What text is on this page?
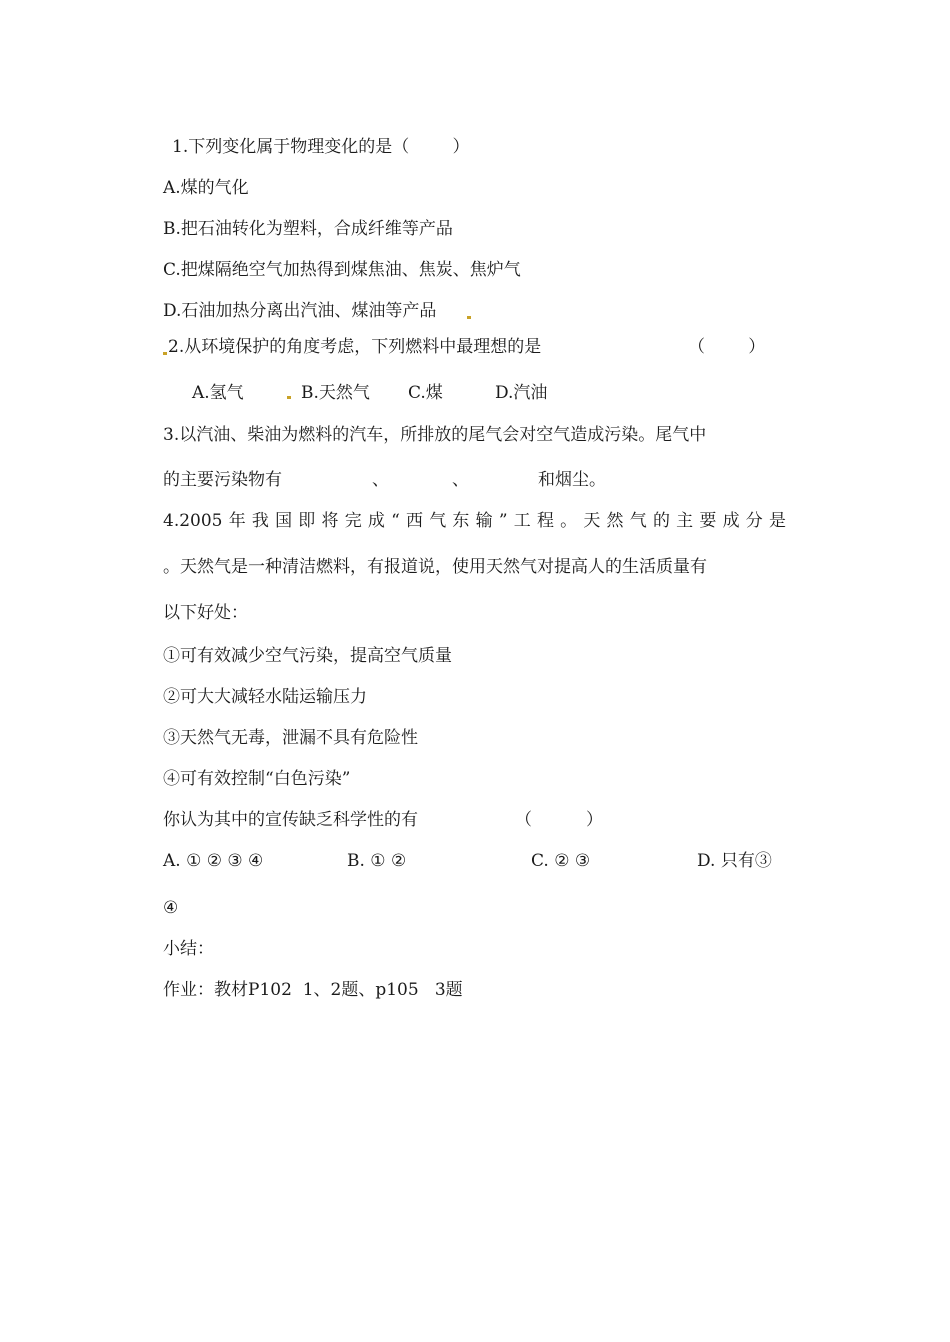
1.下列变化属于物理变化的是（        ）
A.煤的气化
B.把石油转化为塑料，合成纤维等产品
C.把煤隔绝空气加热得到煤焦油、焦炭、焦炉气
D.石油加热分离出汽油、煤油等产品
2.从环境保护的角度考虑，下列燃料中最理想的是	（        ）
A.氢气	B.天然气 C.煤	D.汽油
3.以汽油、柴油为燃料的汽车，所排放的尾气会对空气造成污染。尾气中
的主要污染物有	、	、	和烟尘。
4.2005 年 我 国 即 将 完 成 “ 西 气 东 输 ” 工 程 。 天 然 气 的 主 要 成 分 是
。天然气是一种清洁燃料，有报道说，使用天然气对提高人的生活质量有
以下好处：
①可有效减少空气污染，提高空气质量
②可大大减轻水陆运输压力
③天然气无毒，泄漏不具有危险性
④可有效控制“白色污染”
你认为其中的宣传缺乏科学性的有	（          ）
A. ① ② ③ ④	B. ① ②	C. ② ③	D. 只有③
④
小结：
作业：教材P102  1、2题、p105   3题
